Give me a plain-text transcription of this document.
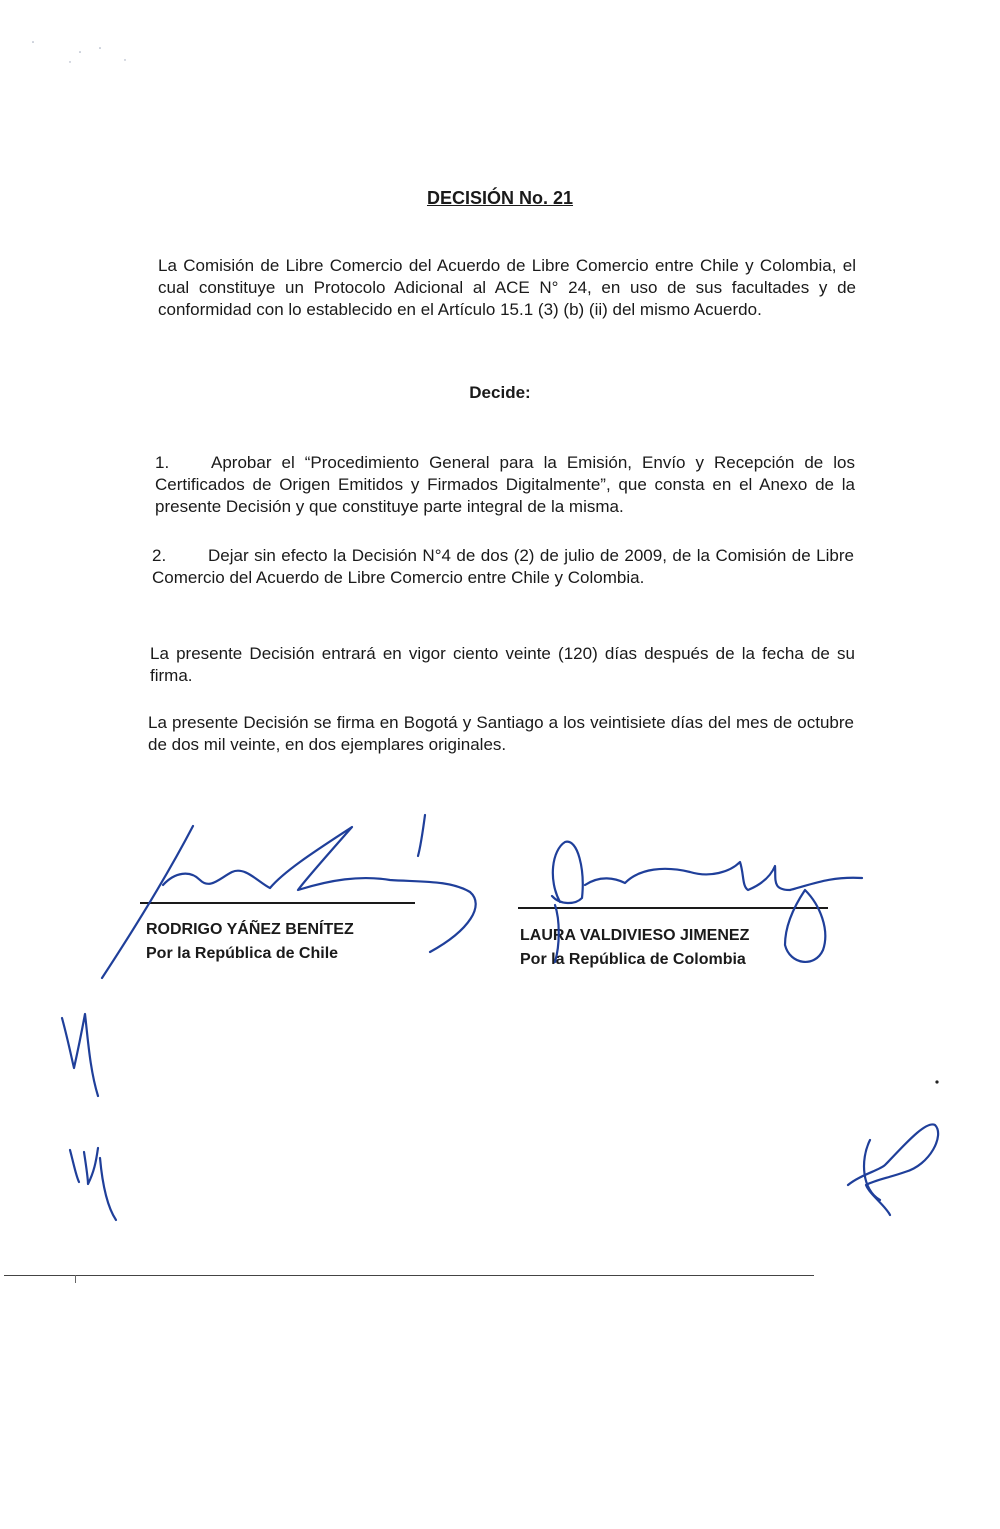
DECISIÓN No. 21

La Comisión de Libre Comercio del Acuerdo de Libre Comercio entre Chile y Colombia, el cual constituye un Protocolo Adicional al ACE N° 24, en uso de sus facultades y de conformidad con lo establecido en el Artículo 15.1 (3) (b) (ii) del mismo Acuerdo.

Decide:

1. Aprobar el “Procedimiento General para la Emisión, Envío y Recepción de los Certificados de Origen Emitidos y Firmados Digitalmente”, que consta en el Anexo de la presente Decisión y que constituye parte integral de la misma.

2. Dejar sin efecto la Decisión N°4 de dos (2) de julio de 2009, de la Comisión de Libre Comercio del Acuerdo de Libre Comercio entre Chile y Colombia.

La presente Decisión entrará en vigor ciento veinte (120) días después de la fecha de su firma.

La presente Decisión se firma en Bogotá y Santiago a los veintisiete días del mes de octubre de dos mil veinte, en dos ejemplares originales.

RODRIGO YÁÑEZ BENÍTEZ
Por la República de Chile
LAURA VALDIVIESO JIMENEZ
Por la República de Colombia
